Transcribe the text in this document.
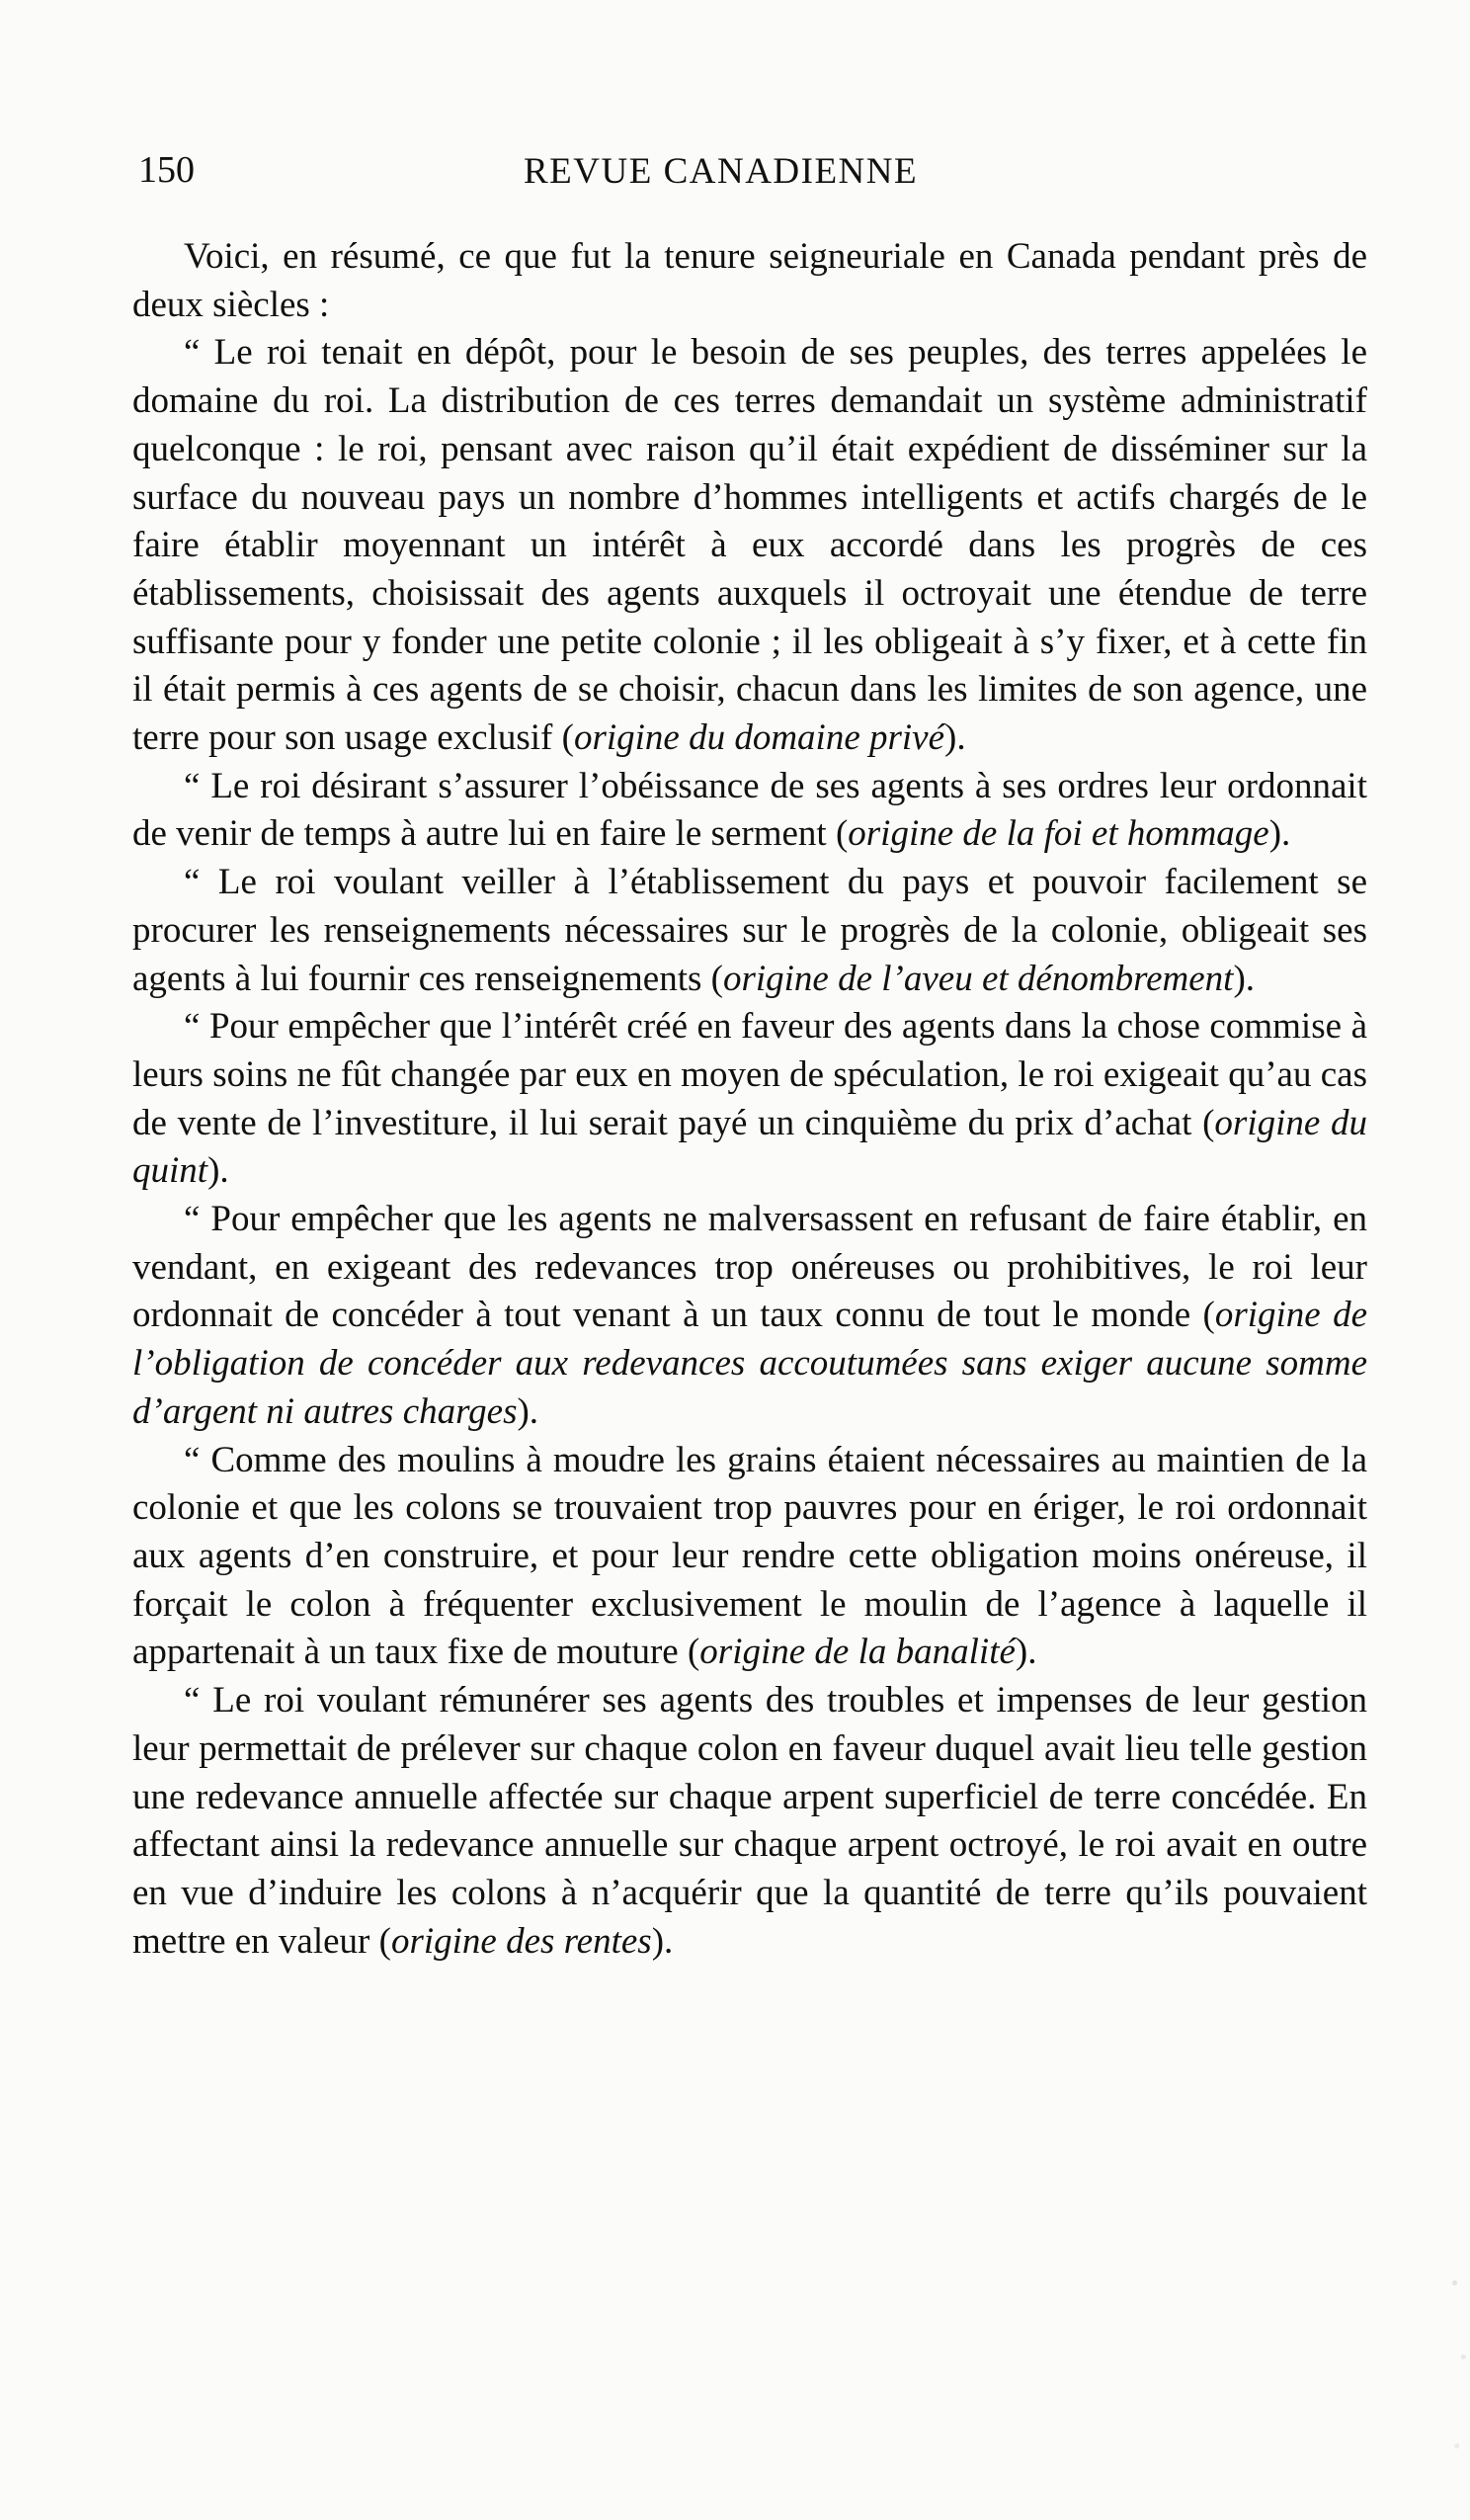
150	REVUE CANADIENNE

Voici, en résumé, ce que fut la tenure seigneuriale en Canada pendant près de deux siècles :

“ Le roi tenait en dépôt, pour le besoin de ses peuples, des terres appelées le domaine du roi. La distribution de ces terres demandait un système administratif quelconque : le roi, pensant avec raison qu’il était expédient de disséminer sur la surface du nouveau pays un nombre d’hommes intelligents et actifs chargés de le faire établir moyennant un intérêt à eux accordé dans les progrès de ces établissements, choisissait des agents auxquels il octroyait une étendue de terre suffisante pour y fonder une petite colonie ; il les obligeait à s’y fixer, et à cette fin il était permis à ces agents de se choisir, chacun dans les limites de son agence, une terre pour son usage exclusif (origine du domaine privé).

“ Le roi désirant s’assurer l’obéissance de ses agents à ses ordres leur ordonnait de venir de temps à autre lui en faire le serment (origine de la foi et hommage).

“ Le roi voulant veiller à l’établissement du pays et pouvoir facilement se procurer les renseignements nécessaires sur le progrès de la colonie, obligeait ses agents à lui fournir ces renseignements (origine de l’aveu et dénombrement).

“ Pour empêcher que l’intérêt créé en faveur des agents dans la chose commise à leurs soins ne fût changée par eux en moyen de spéculation, le roi exigeait qu’au cas de vente de l’investiture, il lui serait payé un cinquième du prix d’achat (origine du quint).

“ Pour empêcher que les agents ne malversassent en refusant de faire établir, en vendant, en exigeant des redevances trop onéreuses ou prohibitives, le roi leur ordonnait de concéder à tout venant à un taux connu de tout le monde (origine de l’obligation de concéder aux redevances accoutumées sans exiger aucune somme d’argent ni autres charges).

“ Comme des moulins à moudre les grains étaient nécessaires au maintien de la colonie et que les colons se trouvaient trop pauvres pour en ériger, le roi ordonnait aux agents d’en construire, et pour leur rendre cette obligation moins onéreuse, il forçait le colon à fréquenter exclusivement le moulin de l’agence à laquelle il appartenait à un taux fixe de mouture (origine de la banalité).

“ Le roi voulant rémunérer ses agents des troubles et impenses de leur gestion leur permettait de prélever sur chaque colon en faveur duquel avait lieu telle gestion une redevance annuelle affectée sur chaque arpent superficiel de terre concédée. En affectant ainsi la redevance annuelle sur chaque arpent octroyé, le roi avait en outre en vue d’induire les colons à n’acquérir que la quantité de terre qu’ils pouvaient mettre en valeur (origine des rentes).
